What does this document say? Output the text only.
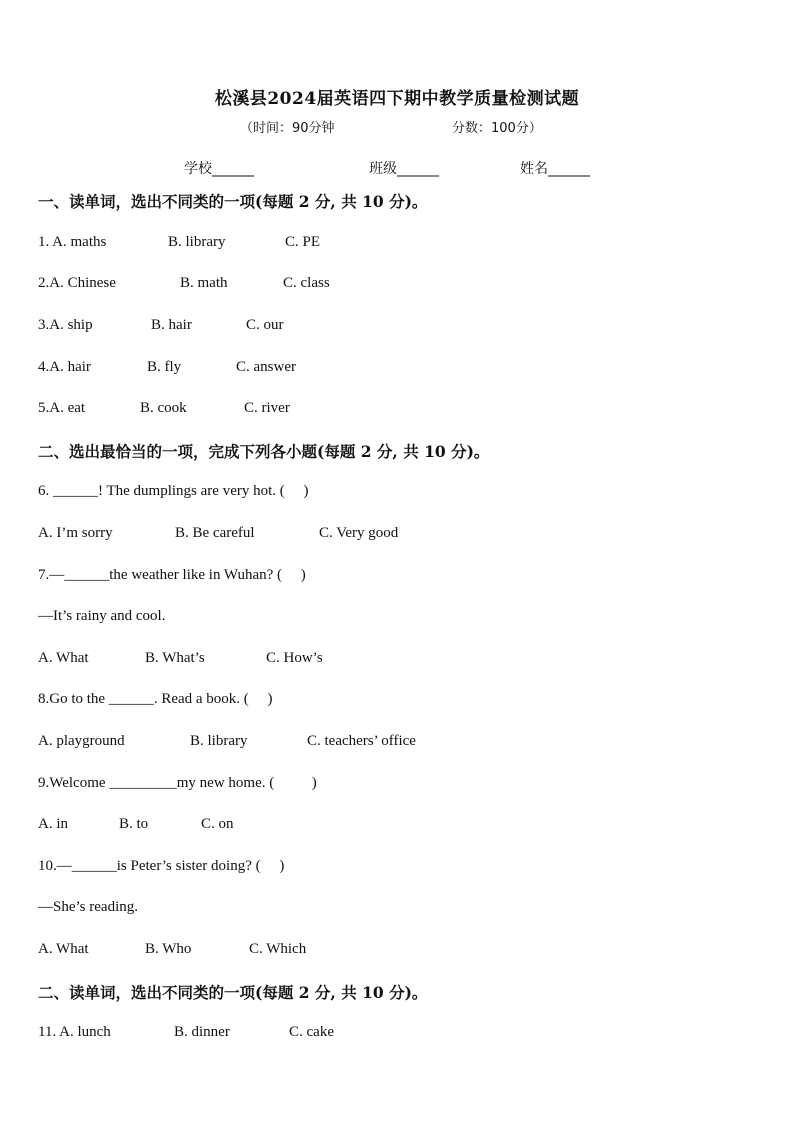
松溪县2024届英语四下期中教学质量检测试题
（时间：90分钟	分数：100分）
学校______	班级______	姓名______
一、读单词，选出不同类的一项(每题 2 分, 共 10 分)。
1. A. maths	B. library	C. PE
2.A. Chinese	B. math	C. class
3.A. ship	B. hair	C. our
4.A. hair	B. fly	C. answer
5.A. eat	B. cook	C. river
二、选出最恰当的一项，完成下列各小题(每题 2 分, 共 10 分)。
6. ______! The dumplings are very hot. (     )
A. I’m sorry	B. Be careful	C. Very good
7.—______the weather like in Wuhan? (     )
—It’s rainy and cool.
A. What	B. What’s	C. How’s
8.Go to the ______. Read a book. (     )
A. playground	B. library	C. teachers’ office
9.Welcome _________my new home. (          )
A. in	B. to	C. on
10.—______is Peter’s sister doing? (     )
—She’s reading.
A. What	B. Who	C. Which
二、读单词，选出不同类的一项(每题 2 分, 共 10 分)。
11. A. lunch	B. dinner	C. cake
